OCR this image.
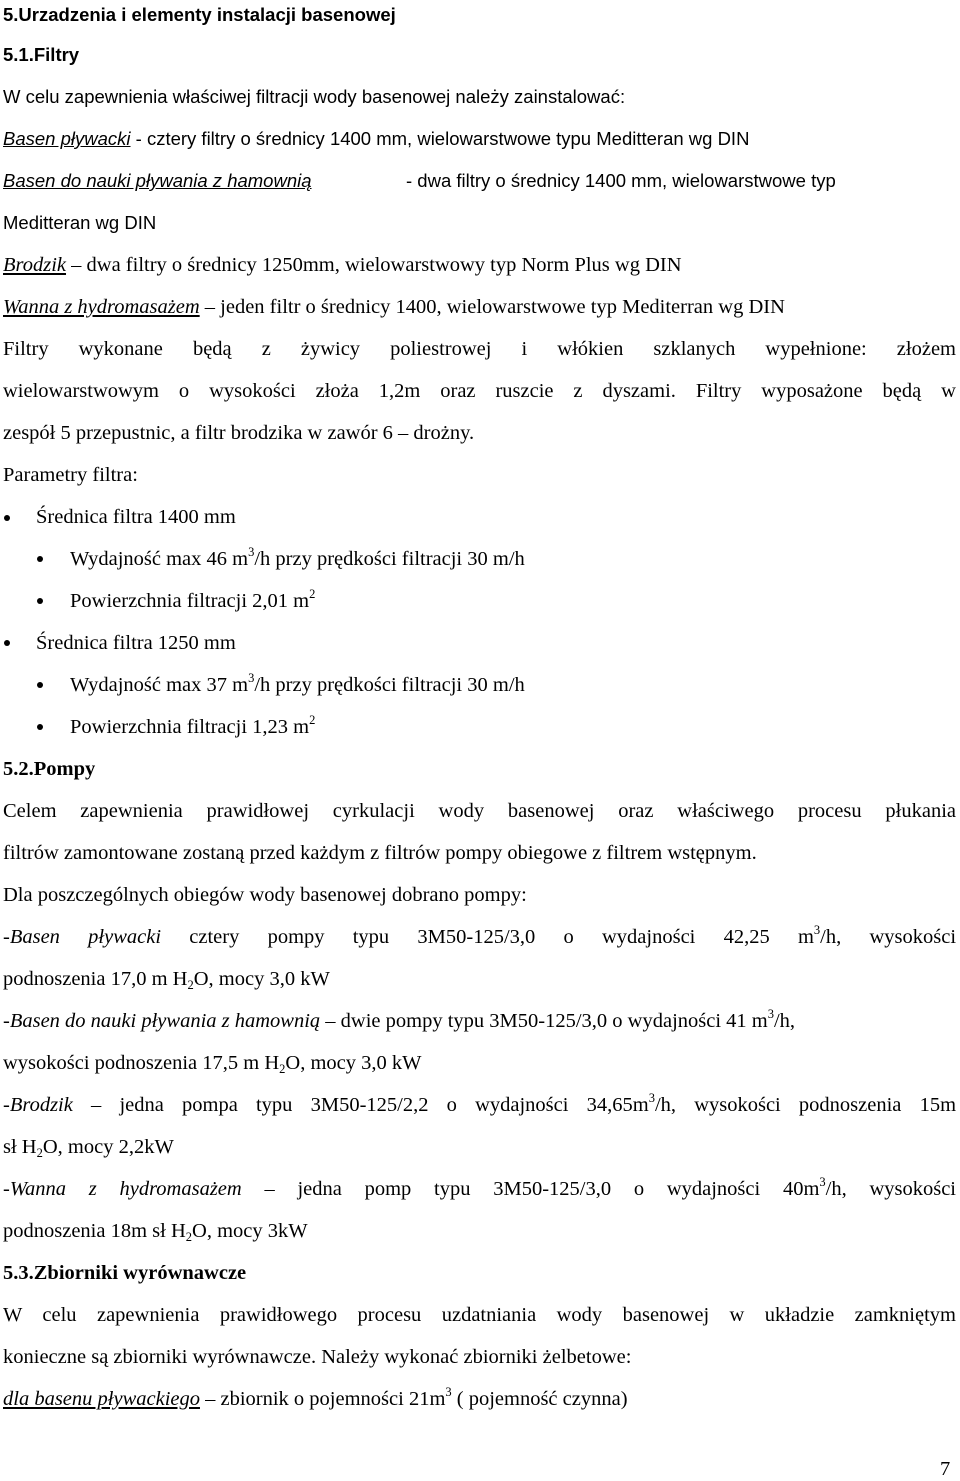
5.Urzadzenia i elementy instalacji basenowej
5.1.Filtry
W celu zapewnienia właściwej filtracji wody basenowej należy zainstalować:
Basen pływacki - cztery filtry o średnicy 1400 mm, wielowarstwowe typu Meditteran wg DIN
Basen do nauki pływania z hamownią	- dwa filtry o średnicy 1400 mm, wielowarstwowe typ
Meditteran wg DIN
Brodzik – dwa filtry o średnicy 1250mm, wielowarstwowy typ Norm Plus wg DIN
Wanna z hydromasażem – jeden filtr o średnicy 1400, wielowarstwowe typ Mediterran wg DIN
Filtry wykonane będą z żywicy poliestrowej i włókien szklanych wypełnione: złożem
wielowarstwowym o wysokości złoża 1,2m oraz ruszcie z dyszami. Filtry wyposażone będą w
zespół 5 przepustnic, a filtr brodzika w zawór 6 – drożny.
Parametry filtra:
Średnica filtra 1400 mm
Wydajność max 46 $m^3/h$ przy prędkości filtracji 30 m/h
Powierzchnia filtracji 2,01 $m^2$
Średnica filtra 1250 mm
Wydajność max 37 $m^3/h$ przy prędkości filtracji 30 m/h
Powierzchnia filtracji 1,23 $m^2$
5.2.Pompy
Celem zapewnienia prawidłowej cyrkulacji wody basenowej oraz właściwego procesu płukania
filtrów zamontowane zostaną przed każdym z filtrów pompy obiegowe z filtrem wstępnym.
Dla poszczególnych obiegów wody basenowej dobrano pompy:
-Basen pływacki cztery pompy typu 3M50-125/3,0 o wydajności 42,25 $m^3/h$, wysokości
podnoszenia 17,0 m H2O, mocy 3,0 kW
-Basen do nauki pływania z hamownią – dwie pompy typu 3M50-125/3,0 o wydajności 41 $m^3/h$,
wysokości podnoszenia 17,5 m H2O, mocy 3,0 kW
-Brodzik – jedna pompa typu 3M50-125/2,2 o wydajności $34,65m^3/h$, wysokości podnoszenia 15m
sł H2O, mocy 2,2kW
-Wanna z hydromasażem – jedna pomp typu 3M50-125/3,0 o wydajności $40m^3/h$, wysokości
podnoszenia 18m sł H2O, mocy 3kW
5.3.Zbiorniki wyrównawcze
W celu zapewnienia prawidłowego procesu uzdatniania wody basenowej w układzie zamkniętym
konieczne są zbiorniki wyrównawcze. Należy wykonać zbiorniki żelbetowe:
dla basenu pływackiego – zbiornik o pojemności $21m^3$ ( pojemność czynna)
7
